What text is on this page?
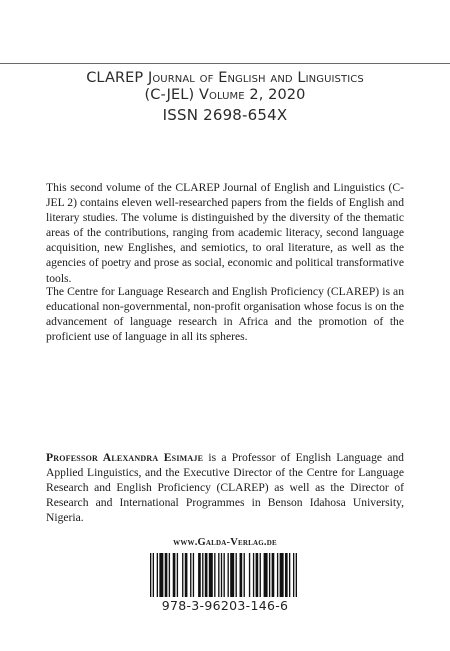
CLAREP Journal of English and Linguistics
(C-JEL) Volume 2, 2020
ISSN 2698-654X

This second volume of the CLAREP Journal of English and Linguistics (C-JEL 2) contains eleven well-researched papers from the fields of English and literary studies. The volume is distinguished by the diversity of the thematic areas of the contributions, ranging from academic literacy, second language acquisition, new Englishes, and semiotics, to oral literature, as well as the agencies of poetry and prose as social, economic and political transformative tools.

The Centre for Language Research and English Proficiency (CLAREP) is an educational non-governmental, non-profit organisation whose focus is on the advancement of language research in Africa and the promotion of the proficient use of language in all its spheres.

Professor Alexandra Esimaje is a Professor of English Language and Applied Linguistics, and the Executive Director of the Centre for Language Research and English Proficiency (CLAREP) as well as the Director of Research and International Programmes in Benson Idahosa University, Nigeria.

www.Galda-Verlag.de
978-3-96203-146-6
